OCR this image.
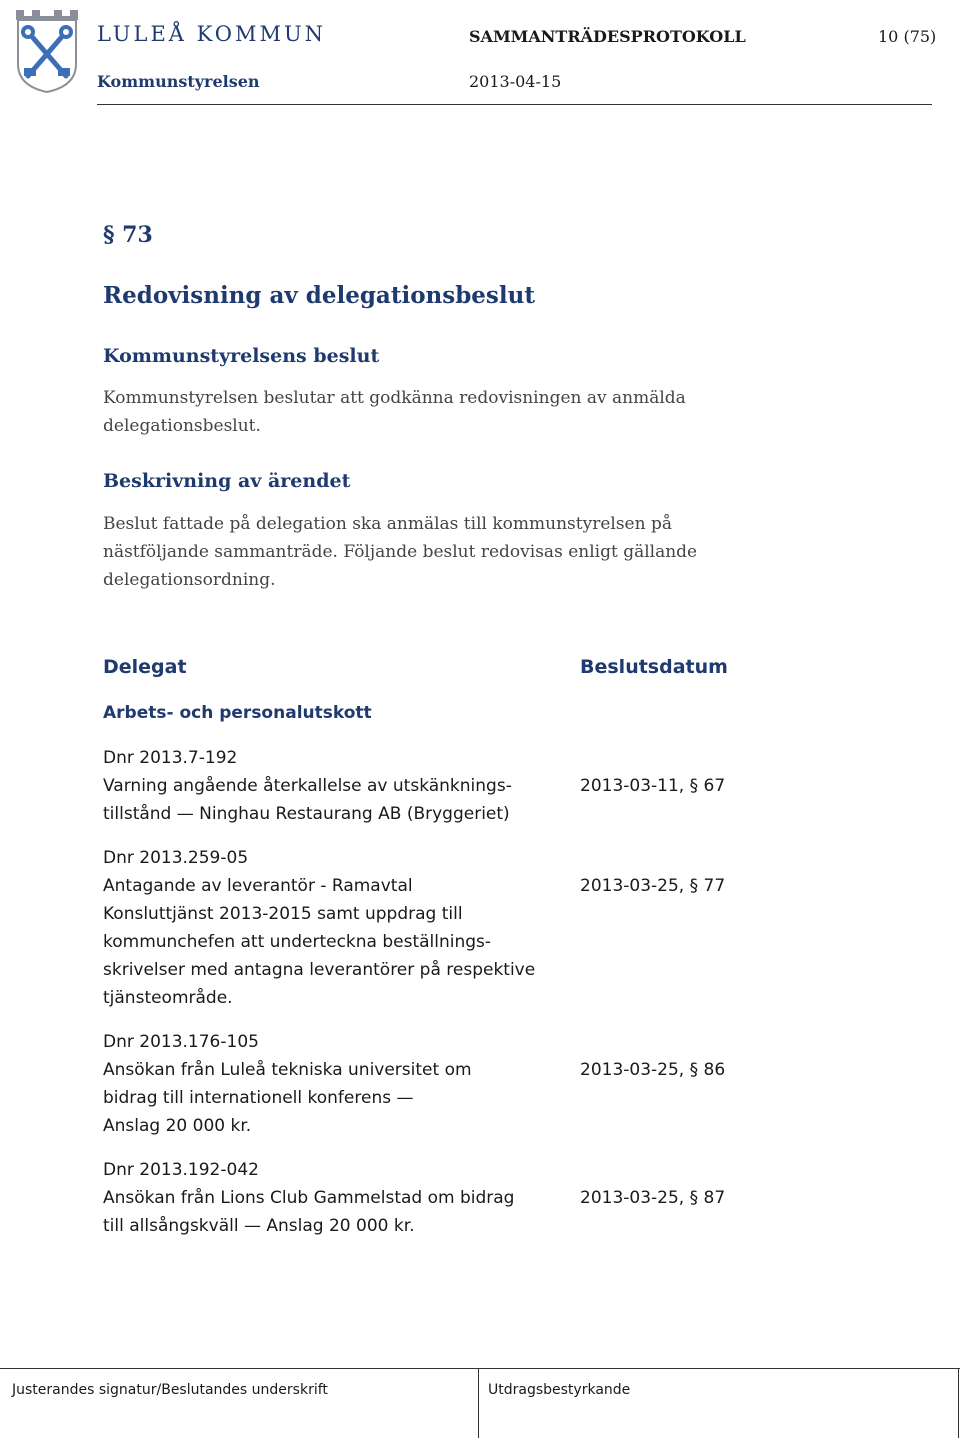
LULEÅ KOMMUN
Kommunstyrelsen
SAMMANTRÄDESPROTOKOLL	10 (75)
2013-04-15
§ 73
Redovisning av delegationsbeslut
Kommunstyrelsens beslut
Kommunstyrelsen beslutar att godkänna redovisningen av anmälda
delegationsbeslut.
Beskrivning av ärendet
Beslut fattade på delegation ska anmälas till kommunstyrelsen på
nästföljande sammanträde. Följande beslut redovisas enligt gällande
delegationsordning.
Delegat	Beslutsdatum
Arbets- och personalutskott
Dnr 2013.7-192
Varning angående återkallelse av utskänknings-
tillstånd — Ninghau Restaurang AB (Bryggeriet)
2013-03-11, § 67
Dnr 2013.259-05
Antagande av leverantör - Ramavtal
Konsluttjänst 2013-2015 samt uppdrag till
kommunchefen att underteckna beställnings-
skrivelser med antagna leverantörer på respektive
tjänsteområde.
2013-03-25, § 77
Dnr 2013.176-105
Ansökan från Luleå tekniska universitet om
bidrag till internationell konferens —
Anslag 20 000 kr.
2013-03-25, § 86
Dnr 2013.192-042
Ansökan från Lions Club Gammelstad om bidrag
till allsångskväll — Anslag 20 000 kr.
2013-03-25, § 87
Justerandes signatur/Beslutandes underskrift	Utdragsbestyrkande
